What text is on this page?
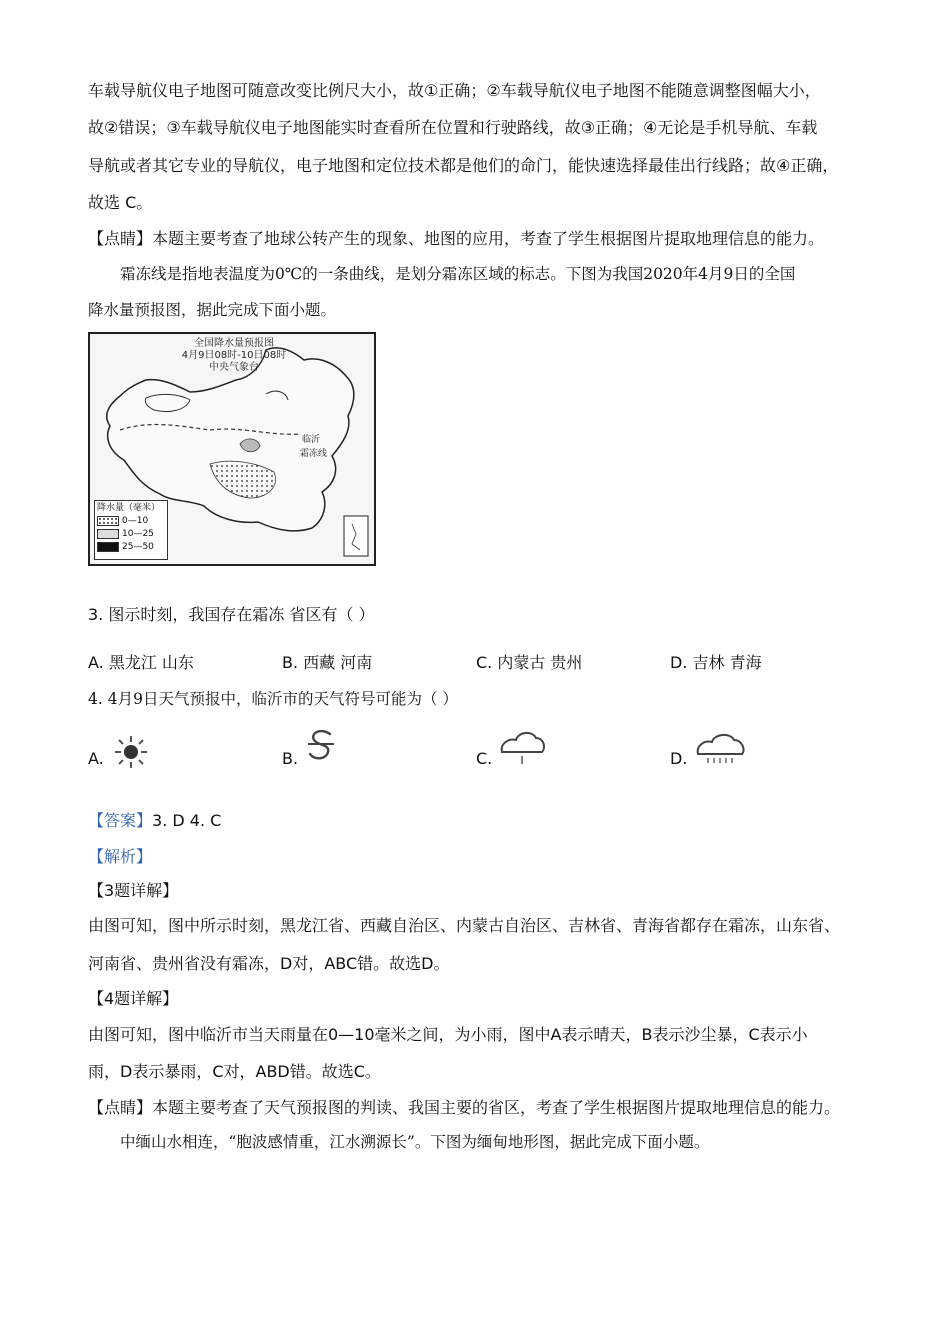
车载导航仪电子地图可随意改变比例尺大小，故①正确；②车载导航仪电子地图不能随意调整图幅大小，
故②错误；③车载导航仪电子地图能实时查看所在位置和行驶路线，故③正确；④无论是手机导航、车载
导航或者其它专业的导航仪，电子地图和定位技术都是他们的命门，能快速选择最佳出行线路；故④正确，
故选 C。
【点睛】本题主要考查了地球公转产生的现象、地图的应用，考查了学生根据图片提取地理信息的能力。
霜冻线是指地表温度为0℃的一条曲线，是划分霜冻区域的标志。下图为我国2020年4月9日的全国
降水量预报图，据此完成下面小题。
全国降水量预报图
4月9日08时-10日08时
中央气象台
霜冻线
临沂
降水量（毫米）
0—10
10—25
25—50
3. 图示时刻，我国存在霜冻 省区有（ ）
A. 黑龙江 山东	B. 西藏 河南	C. 内蒙古 贵州	D. 吉林 青海
4. 4月9日天气预报中，临沂市的天气符号可能为（ ）
A.	B.	C.	D.
【答案】3. D 4. C
【解析】
【3题详解】
由图可知，图中所示时刻，黑龙江省、西藏自治区、内蒙古自治区、吉林省、青海省都存在霜冻，山东省、
河南省、贵州省没有霜冻，D对，ABC错。故选D。
【4题详解】
由图可知，图中临沂市当天雨量在0—10毫米之间，为小雨，图中A表示晴天，B表示沙尘暴，C表示小
雨，D表示暴雨，C对，ABD错。故选C。
【点睛】本题主要考查了天气预报图的判读、我国主要的省区，考查了学生根据图片提取地理信息的能力。
中缅山水相连，“胞波感情重，江水溯源长”。下图为缅甸地形图，据此完成下面小题。
